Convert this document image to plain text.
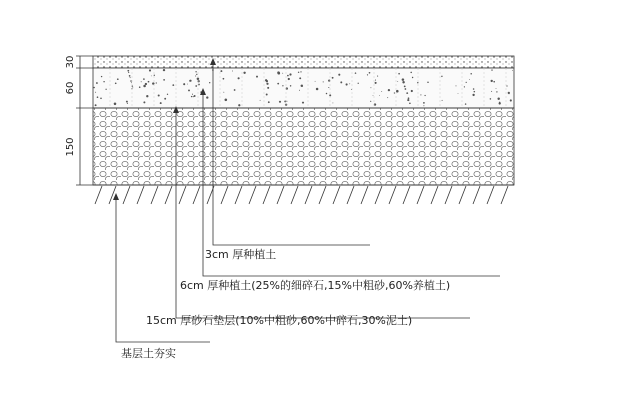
30
60
150
3cm 厚种植土
6cm 厚种植土(25%的细碎石,15%中粗砂,60%养植土)
15cm 厚砂石垫层(10%中粗砂,60%中碎石,30%泥土)
基层土夯实
